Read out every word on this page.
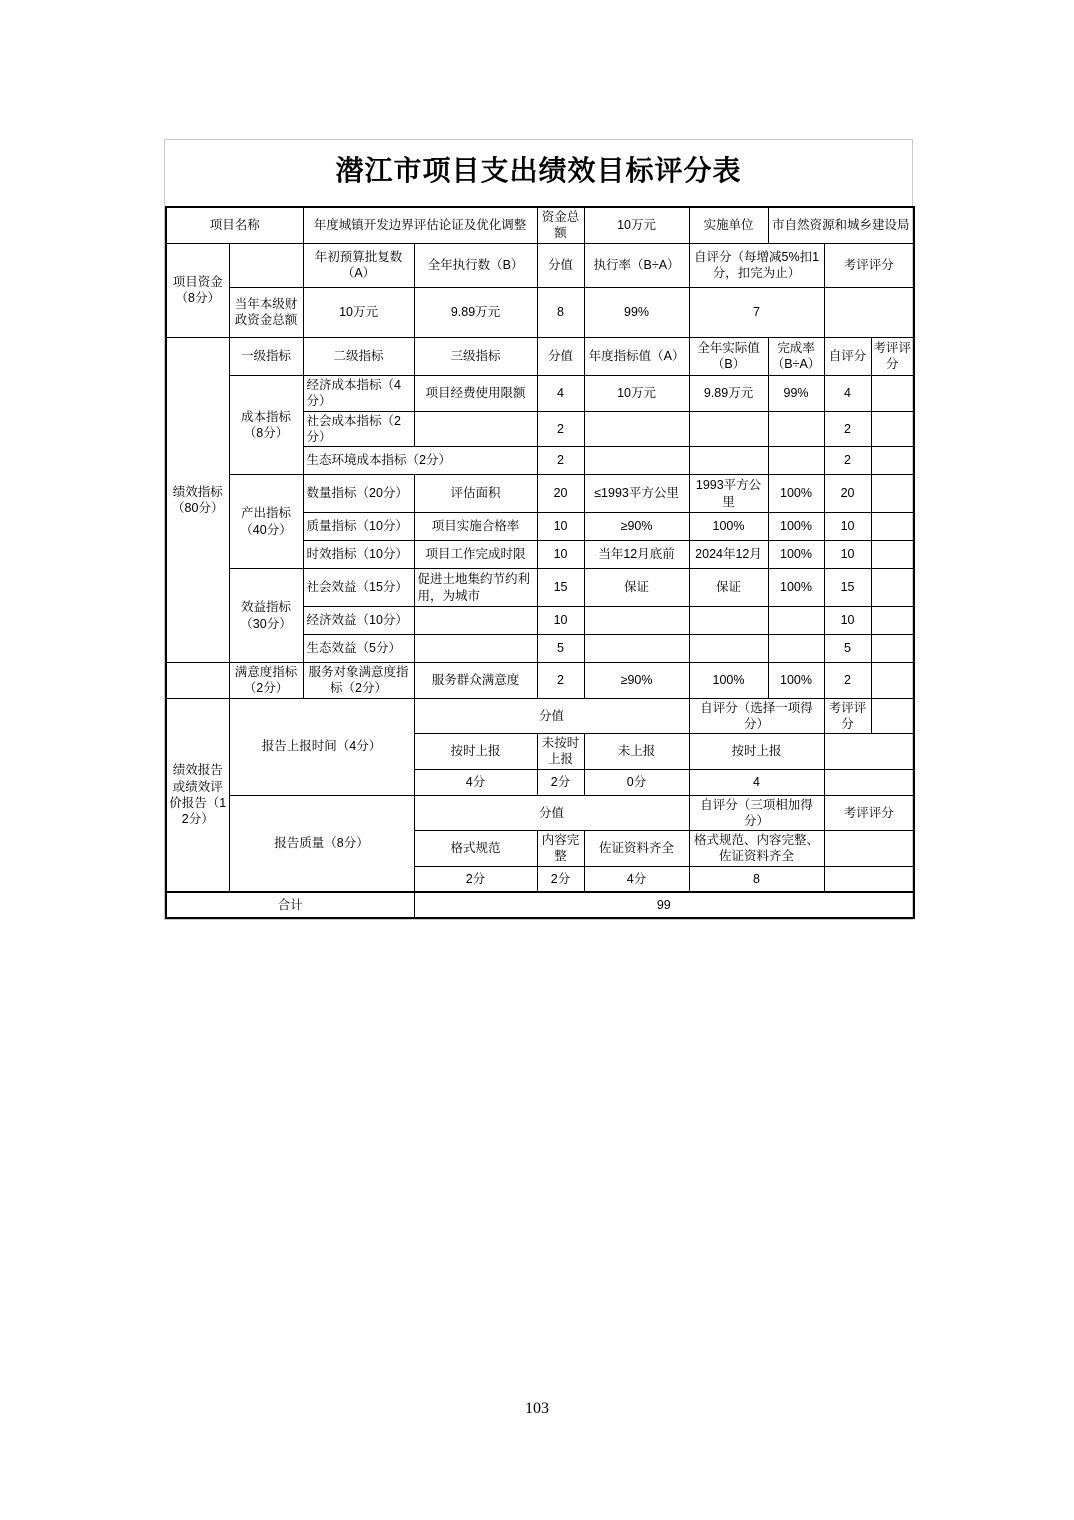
潜江市项目支出绩效目标评分表
项目名称		年度城镇开发边界评估论证及优化调整		资金总额	10万元	实施单位	市自然资源和城乡建设局		
项目资金（8分）		年初预算批复数（A）	全年执行数（B）	分值	执行率（B÷A）	自评分（每增减5%扣1分，扣完为止）		考评评分	
	当年本级财政资金总额	10万元	9.89万元	8	99%	7			
绩效指标（80分）	一级指标	二级指标	三级指标	分值	年度指标值（A）	全年实际值（B）	完成率（B÷A）	自评分	考评评分
	成本指标（8分）	经济成本指标（4分）	项目经费使用限额	4	10万元	9.89万元	99%	4	
		社会成本指标（2分）		2				2	
		生态环境成本指标（2分）		2				2	
	产出指标（40分）	数量指标（20分）	评估面积	20	≤1993平方公里	1993平方公里	100%	20	
		质量指标（10分）	项目实施合格率	10	≥90%	100%	100%	10	
		时效指标（10分）	项目工作完成时限	10	当年12月底前	2024年12月	100%	10	
	效益指标（30分）	社会效益（15分）	促进土地集约节约利用，为城市	15	保证	保证	100%	15	
		经济效益（10分）		10				10	
		生态效益（5分）		5				5	
	满意度指标（2分）	服务对象满意度指标（2分）	服务群众满意度	2	≥90%	100%	100%	2	
绩效报告或绩效评价报告（12分）	报告上报时间（4分）		分值			自评分（选择一项得分）		考评评分	
			按时上报	未按时上报	未上报	按时上报			
			4分	2分	0分	4			
	报告质量（8分）		分值			自评分（三项相加得分）		考评评分	
			格式规范	内容完整	佐证资料齐全	格式规范、内容完整、佐证资料齐全			
			2分	2分	4分	8			
合计			99						
103
